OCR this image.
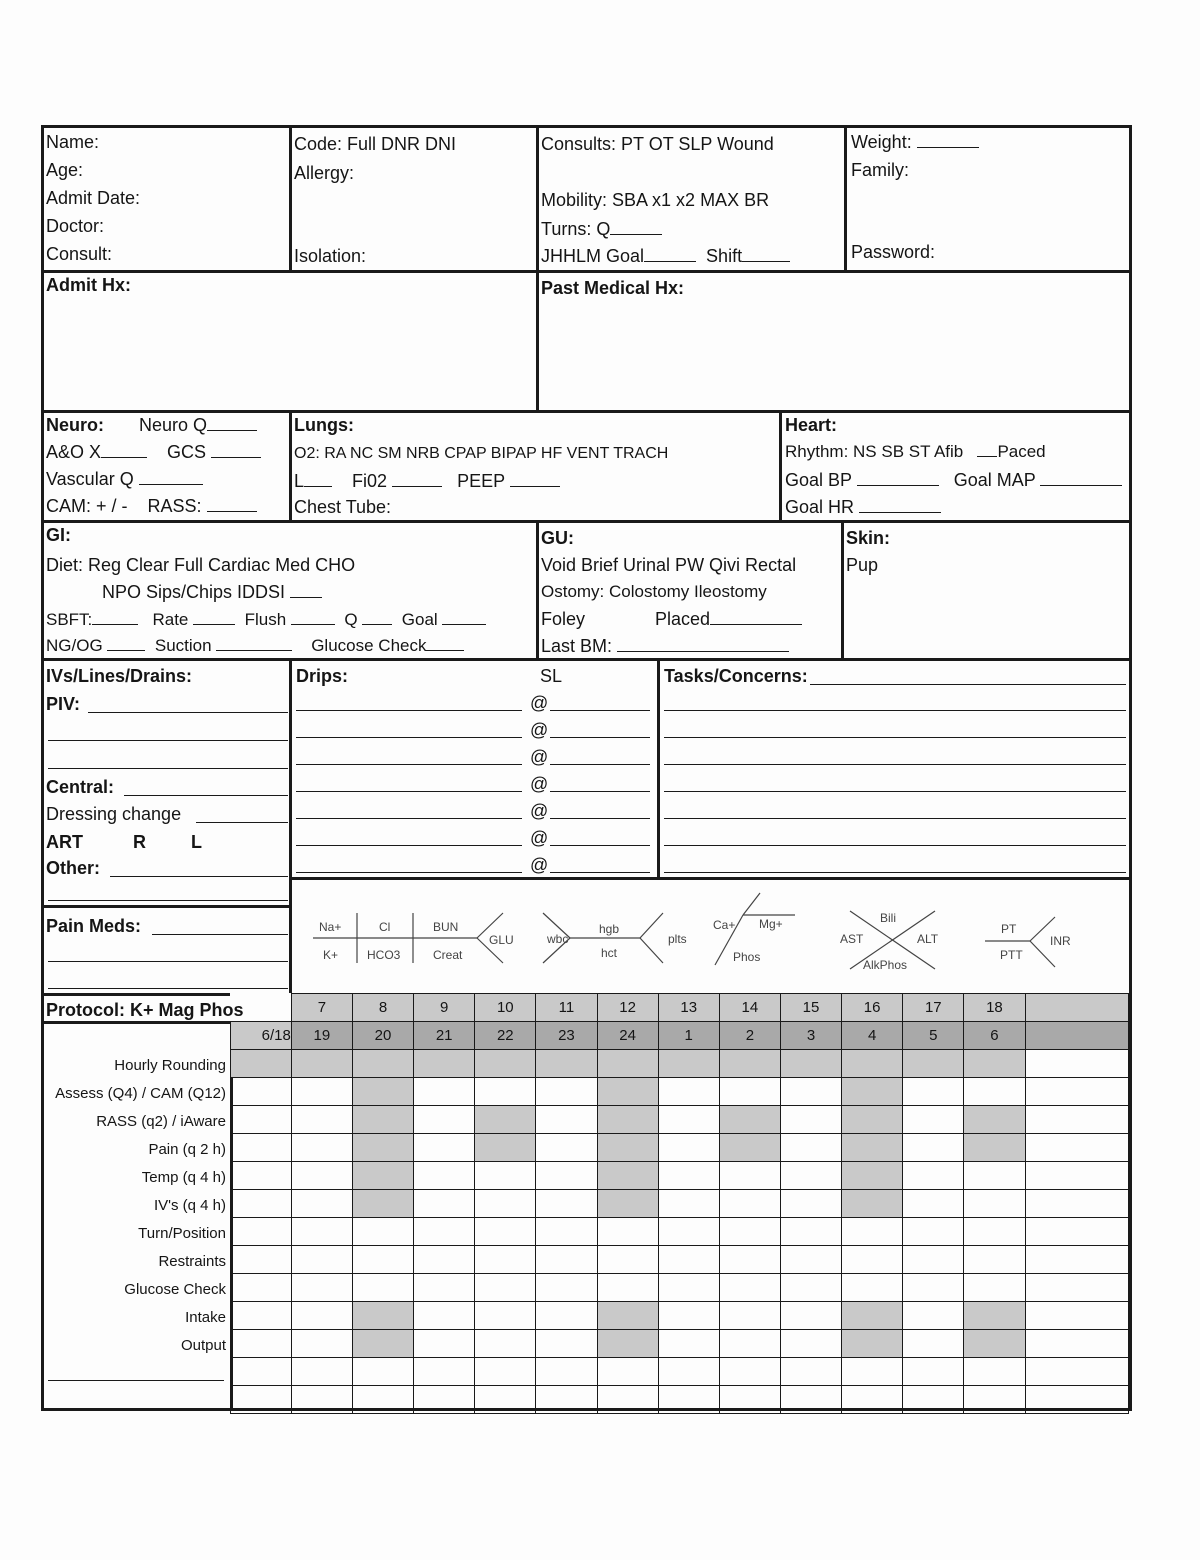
Name:
Age:
Admit Date:
Doctor:
Consult:
Code: Full DNR DNI
Allergy:
Isolation:
Consults: PT OT SLP Wound
Mobility: SBA x1 x2 MAX BR
Turns: Q
JHHLM Goal	Shift
Weight:
Family:
Password:
Admit Hx:	Past Medical Hx:
Neuro: Neuro Q
A&O X	GCS
Vascular Q
CAM: + / - RASS:
Lungs:
O2: RA NC SM NRB CPAP BIPAP HF VENT TRACH
L	Fi02	PEEP
Chest Tube:
Heart:
Rhythm: NS SB ST Afib Paced
Goal BP	Goal MAP
Goal HR
GI:
Diet: Reg Clear Full Cardiac Med CHO
NPO Sips/Chips IDDSI
SBFT:	Rate	Flush	Q	Goal
NG/OG	Suction	Glucose Check
GU:
Void Brief Urinal PW Qivi Rectal
Ostomy: Colostomy Ileostomy
Foley	Placed
Last BM:
Skin:
Pup
IVs/Lines/Drains:
PIV:
Central:
Dressing change
ART	R	L
Other:
Pain Meds:
Drips:	SL
@
@
@
@
@
@
@
Tasks/Concerns:
Na+	Cl	BUN
GLU
K+ HCO3	Creat
wbc
hgb
hct
plts
Ca+ Mg+
Phos
Bili
AST	ALT
AlkPhos
PT
PTT
INR
Protocol: K+ Mag Phos
Hourly Rounding
Assess (Q4) / CAM (Q12)
RASS (q2) / iAware
Pain (q 2 h)
Temp (q 4 h)
IV's (q 4 h)
Turn/Position
Restraints
Glucose Check
Intake
Output
	7	8	9	10	11	12	13	14	15	16	17	18	
6/18	19	20	21	22	23	24	1	2	3	4	5	6	
